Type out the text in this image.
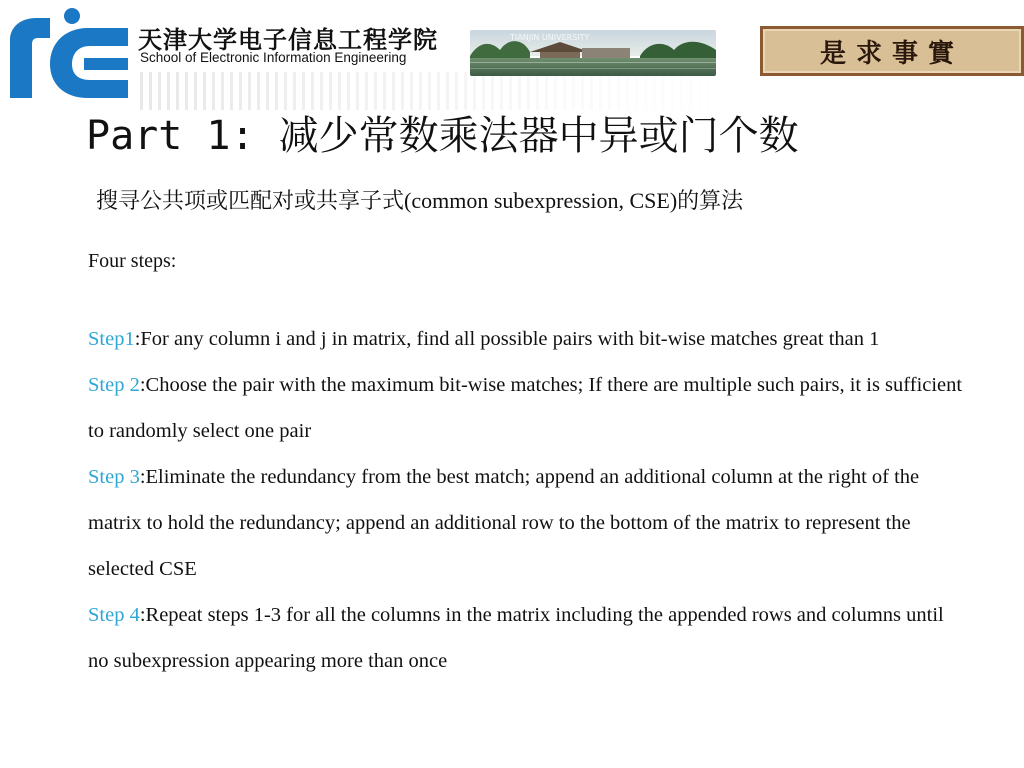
天津大学电子信息工程学院
School of Electronic Information Engineering
TIANJIN UNIVERSITY
是求事實
Part 1: 减少常数乘法器中异或门个数
搜寻公共项或匹配对或共享子式(common subexpression, CSE)的算法
Four steps:

Step1:For any column i and j in matrix, find all possible pairs with bit-wise matches great than 1

Step 2:Choose the pair with the maximum bit-wise matches; If there are multiple such pairs, it is sufficient to randomly select one pair

Step 3:Eliminate the redundancy from the best match; append an additional column at the right of the matrix to hold the redundancy; append an additional row to the bottom of the matrix to represent the selected CSE

Step 4:Repeat steps 1-3 for all the columns in the matrix including the appended rows and columns until no subexpression appearing more than once
